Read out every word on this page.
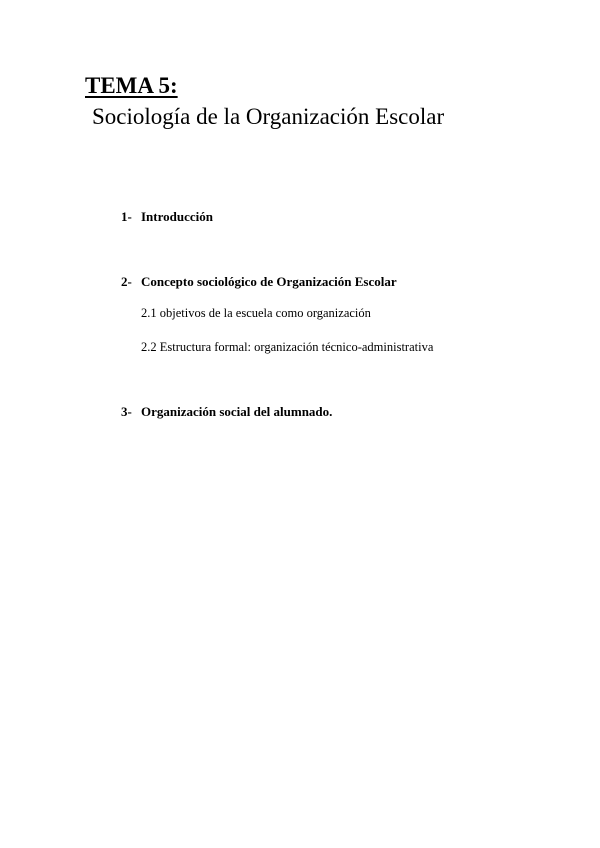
TEMA 5:
Sociología de la Organización Escolar
1- Introducción
2- Concepto sociológico de Organización Escolar
2.1 objetivos de la escuela como organización
2.2 Estructura formal: organización técnico-administrativa
3- Organización social del alumnado.
